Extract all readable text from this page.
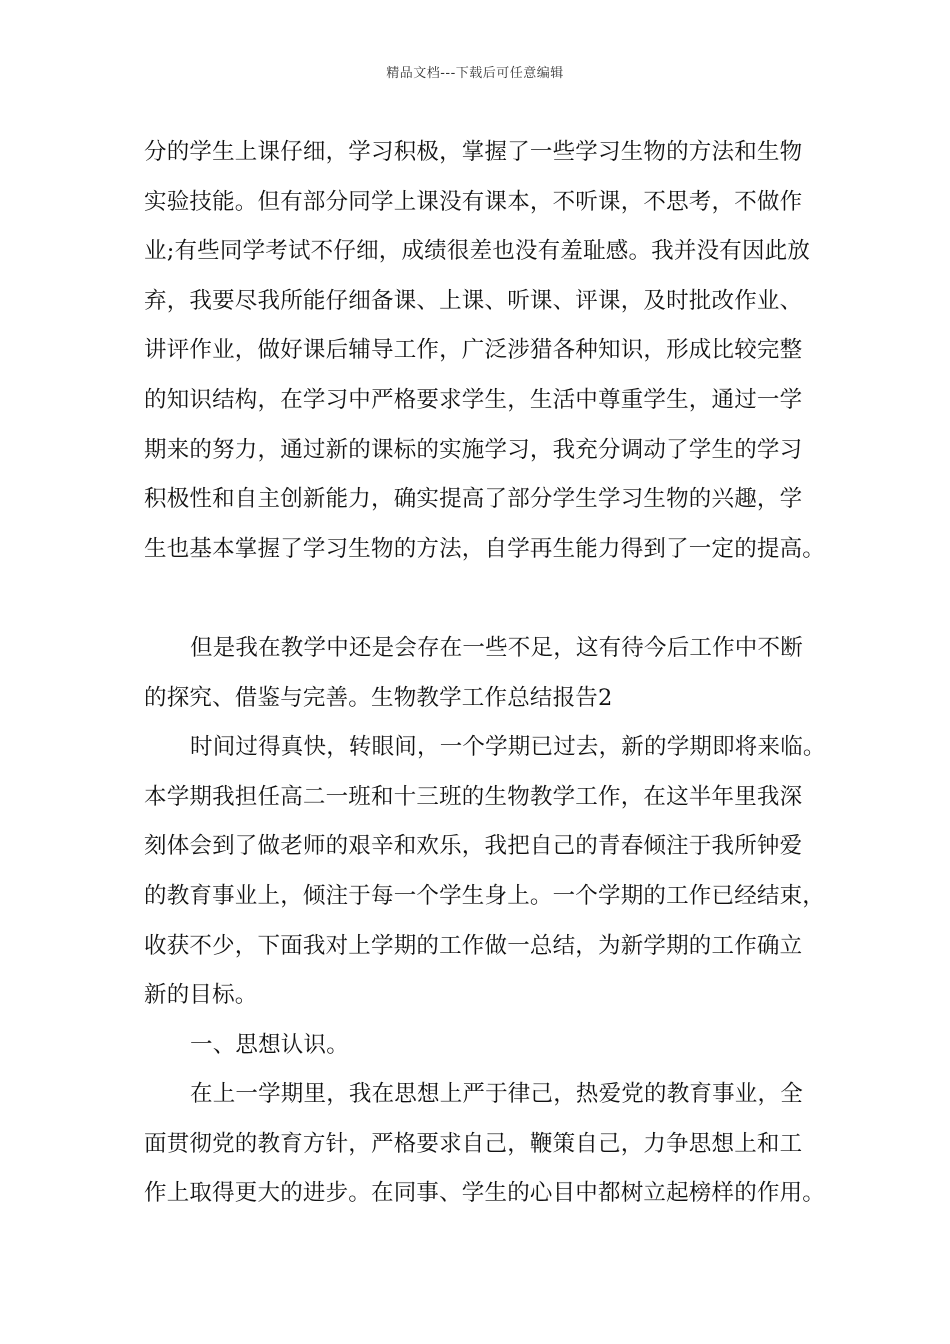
精品文档---下载后可任意编辑
分的学生上课仔细，学习积极，掌握了一些学习生物的方法和生物
实验技能。但有部分同学上课没有课本，不听课，不思考，不做作
业;有些同学考试不仔细，成绩很差也没有羞耻感。我并没有因此放
弃，我要尽我所能仔细备课、上课、听课、评课，及时批改作业、
讲评作业，做好课后辅导工作，广泛涉猎各种知识，形成比较完整
的知识结构，在学习中严格要求学生，生活中尊重学生，通过一学
期来的努力，通过新的课标的实施学习，我充分调动了学生的学习
积极性和自主创新能力，确实提高了部分学生学习生物的兴趣，学
生也基本掌握了学习生物的方法，自学再生能力得到了一定的提高。
但是我在教学中还是会存在一些不足，这有待今后工作中不断
的探究、借鉴与完善。生物教学工作总结报告2
时间过得真快，转眼间，一个学期已过去，新的学期即将来临。
本学期我担任高二一班和十三班的生物教学工作，在这半年里我深
刻体会到了做老师的艰辛和欢乐，我把自己的青春倾注于我所钟爱
的教育事业上，倾注于每一个学生身上。一个学期的工作已经结束，
收获不少，下面我对上学期的工作做一总结，为新学期的工作确立
新的目标。
一、思想认识。
在上一学期里，我在思想上严于律己，热爱党的教育事业，全
面贯彻党的教育方针，严格要求自己，鞭策自己，力争思想上和工
作上取得更大的进步。在同事、学生的心目中都树立起榜样的作用。
